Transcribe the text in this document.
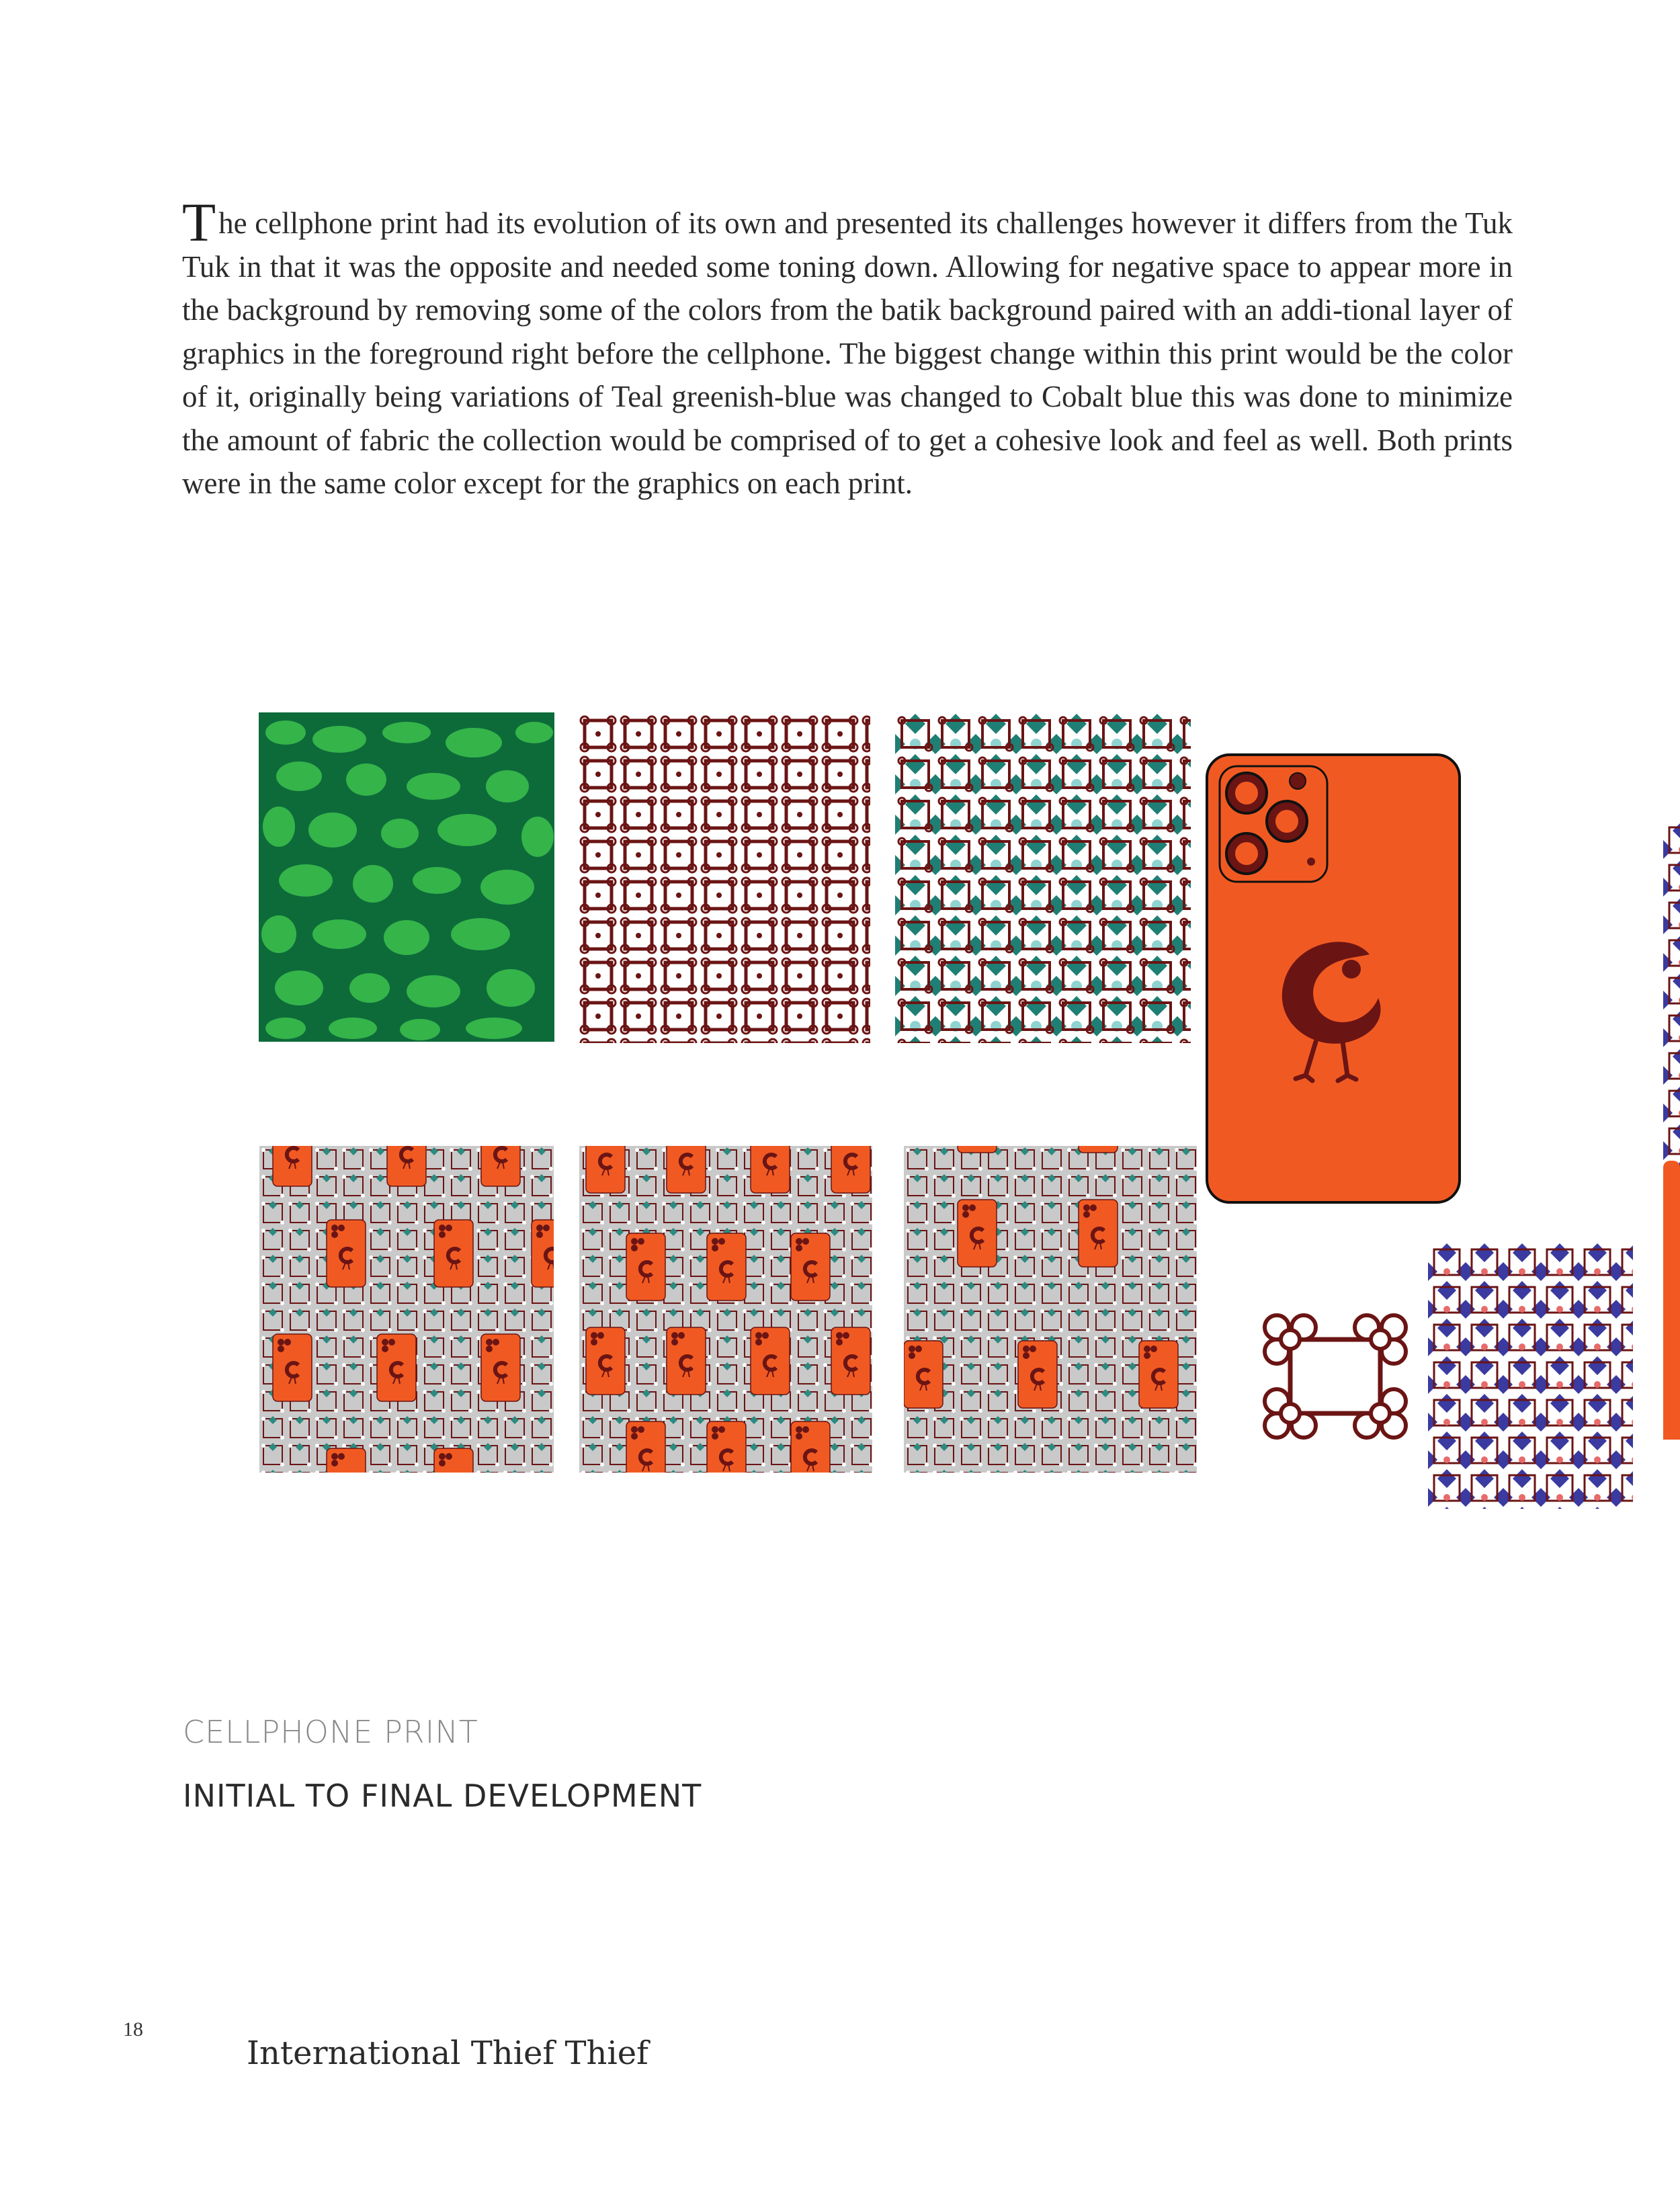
The cellphone print had its evolution of its own and presented its challenges however it differs from the Tuk Tuk in that it was the opposite and needed some toning down. Allowing for negative space to appear more in the background by removing some of the colors from the batik background paired with an addi-tional layer of graphics in the foreground right before the cellphone. The biggest change within this print would be the color of it, originally being variations of Teal greenish-blue was changed to Cobalt blue this was done to minimize the amount of fabric the collection would be comprised of to get a cohesive look and feel as well. Both prints were in the same color except for the graphics on each print.

CELLPHONE PRINT

INITIAL TO FINAL DEVELOPMENT

18
International Thief Thief
